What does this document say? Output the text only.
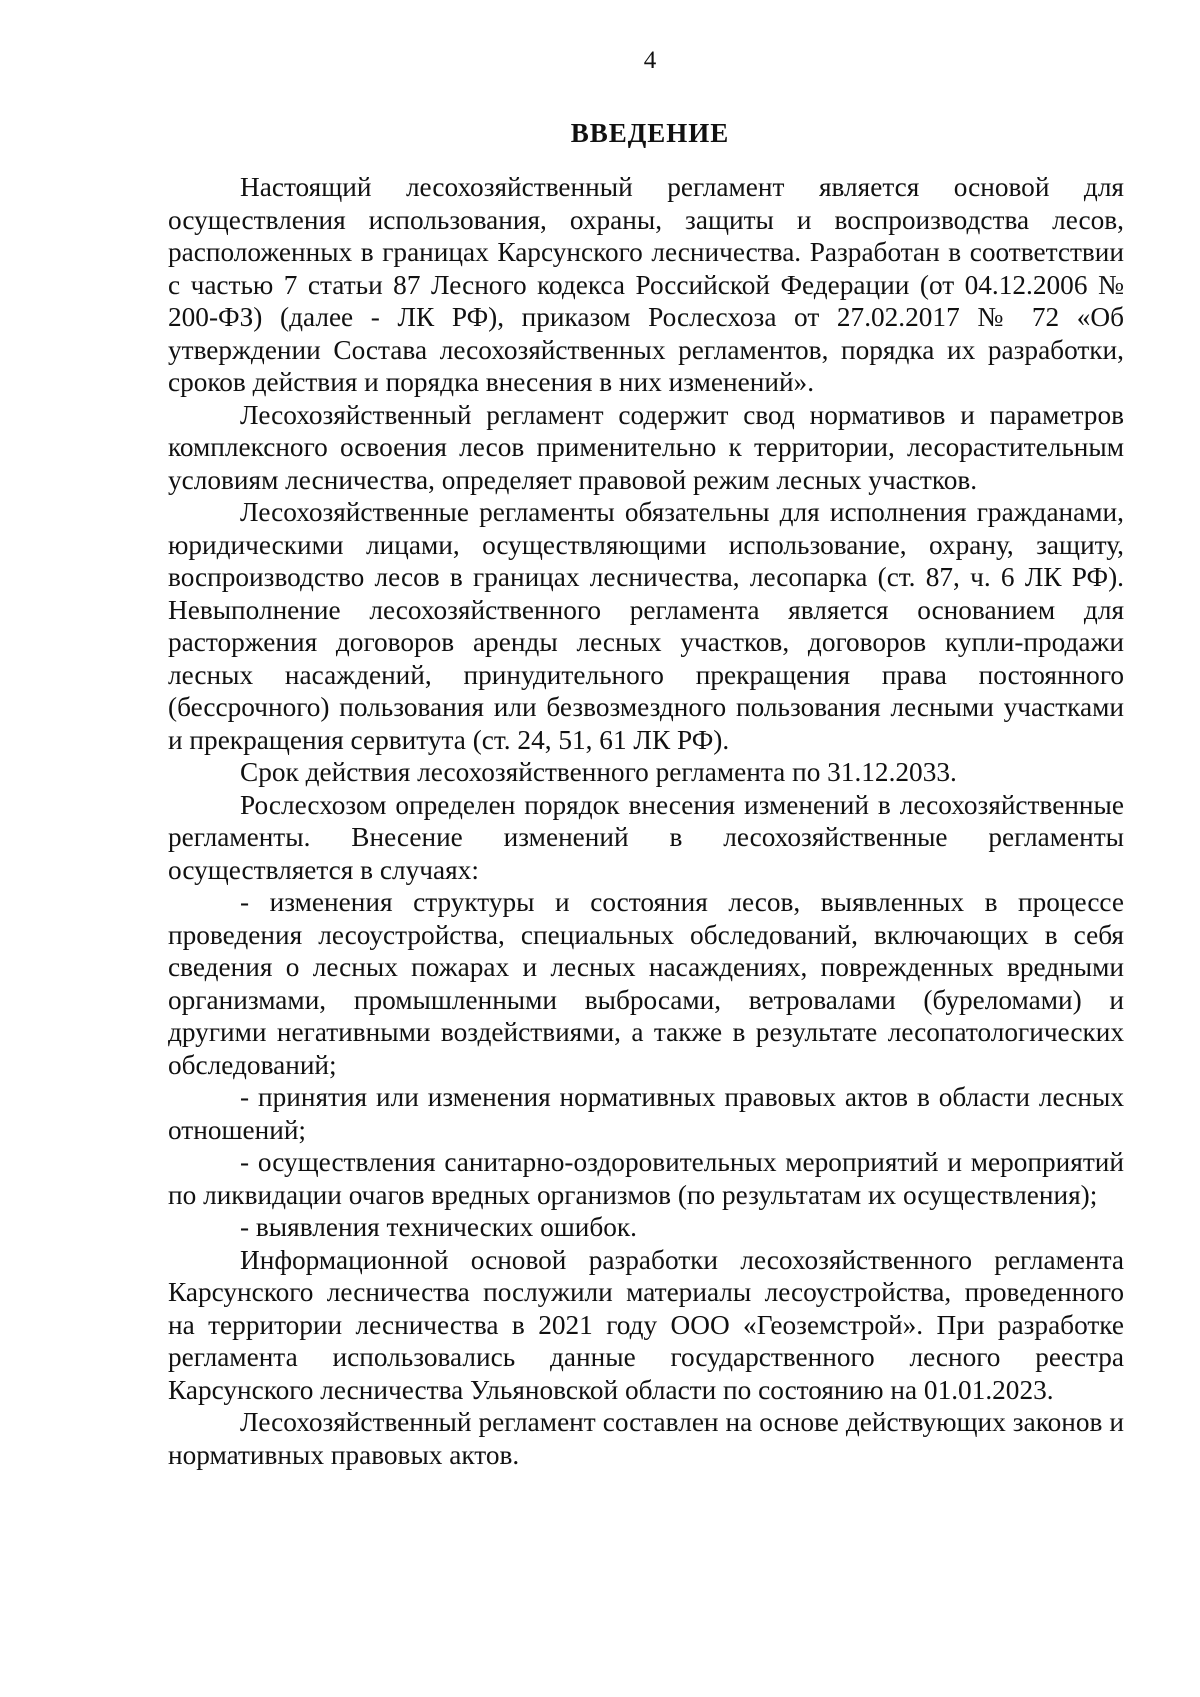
4
ВВЕДЕНИЕ

Настоящий лесохозяйственный регламент является основой для осуществления использования, охраны, защиты и воспроизводства лесов, расположенных в границах Карсунского лесничества. Разработан в соответствии с частью 7 статьи 87 Лесного кодекса Российской Федерации (от 04.12.2006 № 200-ФЗ) (далее - ЛК РФ), приказом Рослесхоза от 27.02.2017 № 72 «Об утверждении Состава лесохозяйственных регламентов, порядка их разработки, сроков действия и порядка внесения в них изменений».

Лесохозяйственный регламент содержит свод нормативов и параметров комплексного освоения лесов применительно к территории, лесорастительным условиям лесничества, определяет правовой режим лесных участков.

Лесохозяйственные регламенты обязательны для исполнения гражданами, юридическими лицами, осуществляющими использование, охрану, защиту, воспроизводство лесов в границах лесничества, лесопарка (ст. 87, ч. 6 ЛК РФ). Невыполнение лесохозяйственного регламента является основанием для расторжения договоров аренды лесных участков, договоров купли-продажи лесных насаждений, принудительного прекращения права постоянного (бессрочного) пользования или безвозмездного пользования лесными участками и прекращения сервитута (ст. 24, 51, 61 ЛК РФ).

Срок действия лесохозяйственного регламента по 31.12.2033.

Рослесхозом определен порядок внесения изменений в лесохозяйственные регламенты. Внесение изменений в лесохозяйственные регламенты осуществляется в случаях:

- изменения структуры и состояния лесов, выявленных в процессе проведения лесоустройства, специальных обследований, включающих в себя сведения о лесных пожарах и лесных насаждениях, поврежденных вредными организмами, промышленными выбросами, ветровалами (буреломами) и другими негативными воздействиями, а также в результате лесопатологических обследований;

- принятия или изменения нормативных правовых актов в области лесных отношений;

- осуществления санитарно-оздоровительных мероприятий и мероприятий по ликвидации очагов вредных организмов (по результатам их осуществления);

- выявления технических ошибок.

Информационной основой разработки лесохозяйственного регламента Карсунского лесничества послужили материалы лесоустройства, проведенного на территории лесничества в 2021 году ООО «Геоземстрой». При разработке регламента использовались данные государственного лесного реестра Карсунского лесничества Ульяновской области по состоянию на 01.01.2023.

Лесохозяйственный регламент составлен на основе действующих законов и нормативных правовых актов.
